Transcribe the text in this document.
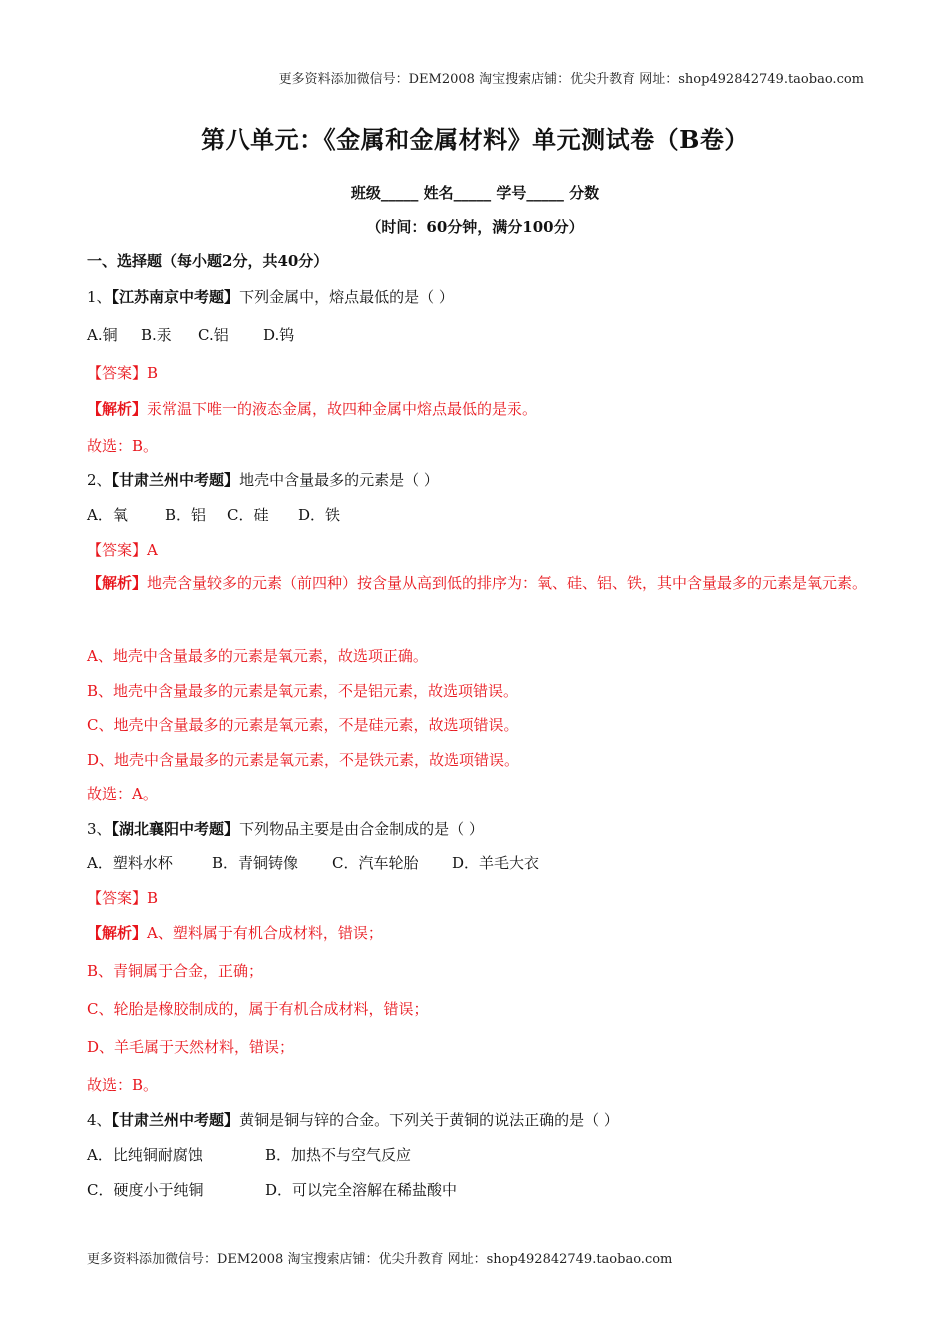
更多资料添加微信号：DEM2008 淘宝搜索店铺：优尖升教育 网址：shop492842749.taobao.com
第八单元：《金属和金属材料》单元测试卷（B卷）
班级_____ 姓名_____ 学号_____ 分数
（时间：60分钟，满分100分）
一、选择题（每小题2分，共40分）
1、【江苏南京中考题】下列金属中，熔点最低的是（ ）
A.铜 B.汞 C.铝 D.钨
【答案】B
【解析】汞常温下唯一的液态金属，故四种金属中熔点最低的是汞。
故选：B。
2、【甘肃兰州中考题】地壳中含量最多的元素是（ ）
A．氧 B．铝 C．硅 D．铁
【答案】A
【解析】地壳含量较多的元素（前四种）按含量从高到低的排序为：氧、硅、铝、铁，其中含量最多的元素是氧元素。
A、地壳中含量最多的元素是氧元素，故选项正确。
B、地壳中含量最多的元素是氧元素，不是铝元素，故选项错误。
C、地壳中含量最多的元素是氧元素，不是硅元素，故选项错误。
D、地壳中含量最多的元素是氧元素，不是铁元素，故选项错误。
故选：A。
3、【湖北襄阳中考题】下列物品主要是由合金制成的是（ ）
A．塑料水杯	B．青铜铸像 C．汽车轮胎 D．羊毛大衣
【答案】B
【解析】A、塑料属于有机合成材料，错误；
B、青铜属于合金，正确；
C、轮胎是橡胶制成的，属于有机合成材料，错误；
D、羊毛属于天然材料，错误；
故选：B。
4、【甘肃兰州中考题】黄铜是铜与锌的合金。下列关于黄铜的说法正确的是（ ）
A．比纯铜耐腐蚀	B．加热不与空气反应
C．硬度小于纯铜	D．可以完全溶解在稀盐酸中
更多资料添加微信号：DEM2008 淘宝搜索店铺：优尖升教育 网址：shop492842749.taobao.com
